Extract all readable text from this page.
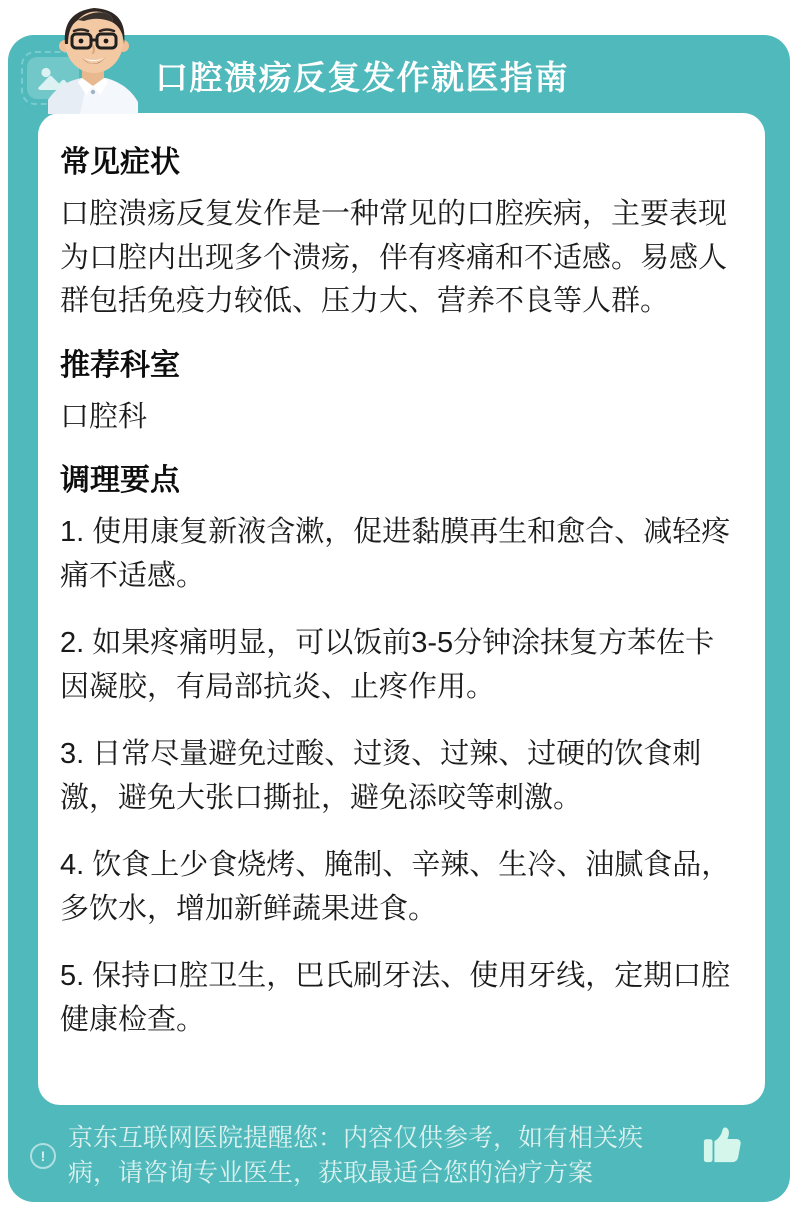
口腔溃疡反复发作就医指南
常见症状

口腔溃疡反复发作是一种常见的口腔疾病，主要表现为口腔内出现多个溃疡，伴有疼痛和不适感。易感人群包括免疫力较低、压力大、营养不良等人群。

推荐科室

口腔科

调理要点

1. 使用康复新液含漱，促进黏膜再生和愈合、减轻疼痛不适感。

2. 如果疼痛明显，可以饭前3-5分钟涂抹复方苯佐卡因凝胶，有局部抗炎、止疼作用。

3. 日常尽量避免过酸、过烫、过辣、过硬的饮食刺激，避免大张口撕扯，避免添咬等刺激。

4. 饮食上少食烧烤、腌制、辛辣、生冷、油腻食品，多饮水，增加新鲜蔬果进食。

5. 保持口腔卫生，巴氏刷牙法、使用牙线，定期口腔健康检查。

!
京东互联网医院提醒您：内容仅供参考，如有相关疾病，请咨询专业医生，获取最适合您的治疗方案
